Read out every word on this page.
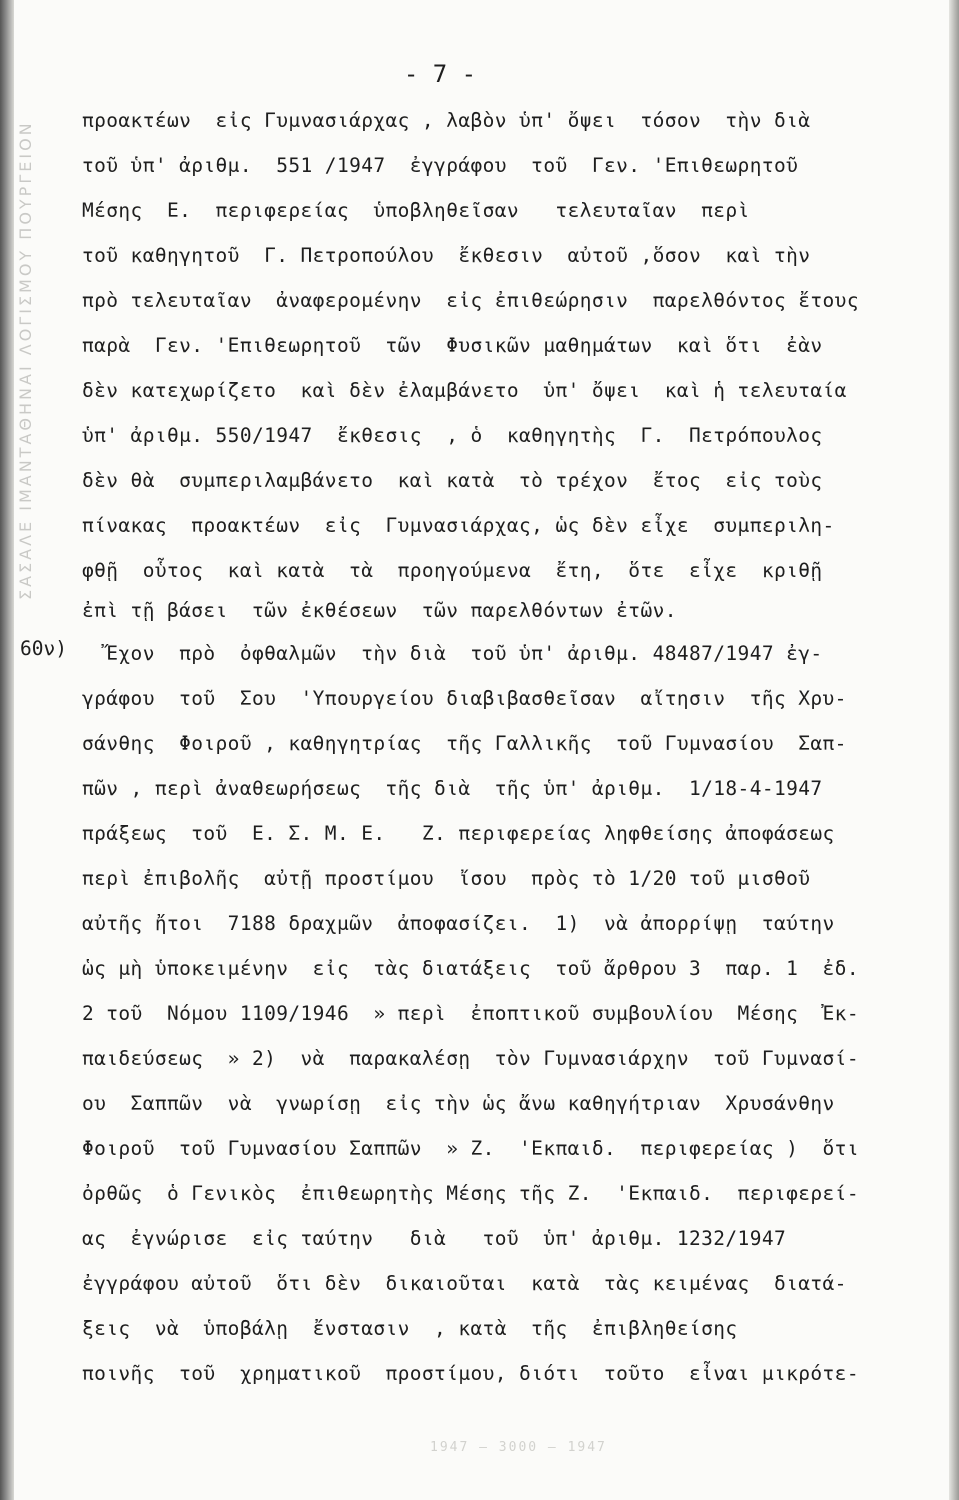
ΣΑΣΑΛΕ ΙΜΑΝΤΑΘΗΝΑΙ ΛΟΓΙΣΜΟΥ ΠΟΥΡΓΕΙΟΝ
- 7 -
προακτέων  εἰς Γυμνασιάρχας , λαβὸν ὑπ' ὄψει  τόσον  τὴν διὰ
τοῦ ὑπ' ἀριθμ.  551 /1947  ἐγγράφου  τοῦ  Γεν. 'Επιθεωρητοῦ
Μέσης  Ε.  περιφερείας  ὑποβληθεῖσαν   τελευταῖαν  περὶ
τοῦ καθηγητοῦ  Γ. Πετροπούλου  ἔκθεσιν  αὐτοῦ ,ὅσον  καὶ τὴν
πρὸ τελευταῖαν  ἀναφερομένην  εἰς ἐπιθεώρησιν  παρελθόντος ἔτους
παρὰ  Γεν. 'Επιθεωρητοῦ  τῶν  Φυσικῶν μαθημάτων  καὶ ὅτι  ἐὰν
δὲν κατεχωρίζετο  καὶ δὲν ἐλαμβάνετο  ὑπ' ὄψει  καὶ ἡ τελευταία
ὑπ' ἀριθμ. 550/1947  ἔκθεσις  , ὁ  καθηγητὴς  Γ.  Πετρόπουλος
δὲν θὰ  συμπεριλαμβάνετο  καὶ κατὰ  τὸ τρέχον  ἔτος  εἰς τοὺς
πίνακας  προακτέων  εἰς  Γυμνασιάρχας, ὡς δὲν εἶχε  συμπεριλη-
φθῇ  οὗτος  καὶ κατὰ  τὰ  προηγούμενα  ἔτη,  ὅτε  εἶχε  κριθῇ
ἐπὶ τῇ βάσει  τῶν ἐκθέσεων  τῶν παρελθόντων ἐτῶν.
Ἔχον  πρὸ  ὀφθαλμῶν  τὴν διὰ  τοῦ ὑπ' ἀριθμ. 48487/1947 ἐγ-
γράφου  τοῦ  Σου  'Υπουργείου διαβιβασθεῖσαν  αἴτησιν  τῆς Χρυ-
σάνθης  Φοιροῦ , καθηγητρίας  τῆς Γαλλικῆς  τοῦ Γυμνασίου  Σαπ-
πῶν , περὶ ἀναθεωρήσεως  τῆς διὰ  τῆς ὑπ' ἀριθμ.  1/18-4-1947
πράξεως  τοῦ  Ε. Σ. Μ. Ε.   Ζ. περιφερείας ληφθείσης ἀποφάσεως
περὶ ἐπιβολῆς  αὐτῇ προστίμου  ἴσου  πρὸς τὸ 1/20 τοῦ μισθοῦ
αὐτῆς ἤτοι  7188 δραχμῶν  ἀποφασίζει.  1)  νὰ ἀπορρίψῃ  ταύτην
ὡς μὴ ὑποκειμένην  εἰς  τὰς διατάξεις  τοῦ ἄρθρου 3  παρ. 1  ἐδ.
2 τοῦ  Νόμου 1109/1946  » περὶ  ἐποπτικοῦ συμβουλίου  Μέσης  Ἐκ-
παιδεύσεως  » 2)  νὰ  παρακαλέσῃ  τὸν Γυμνασιάρχην  τοῦ Γυμνασί-
ου  Σαππῶν  νὰ  γνωρίσῃ  εἰς τὴν ὡς ἄνω καθηγήτριαν  Χρυσάνθην
Φοιροῦ  τοῦ Γυμνασίου Σαππῶν  » Ζ.  'Εκπαιδ.  περιφερείας )  ὅτι
ὀρθῶς  ὁ Γενικὸς  ἐπιθεωρητὴς Μέσης τῆς Ζ.  'Εκπαιδ.  περιφερεί-
ας  ἐγνώρισε  εἰς ταύτην   διὰ   τοῦ  ὑπ' ἀριθμ. 1232/1947
ἐγγράφου αὐτοῦ  ὅτι δὲν  δικαιοῦται  κατὰ  τὰς κειμένας  διατά-
ξεις  νὰ  ὑποβάλῃ  ἔνστασιν  , κατὰ  τῆς  ἐπιβληθείσης
ποινῆς  τοῦ  χρηματικοῦ  προστίμου, διότι  τοῦτο  εἶναι μικρότε-
60ν)
1947 — 3000 — 1947
